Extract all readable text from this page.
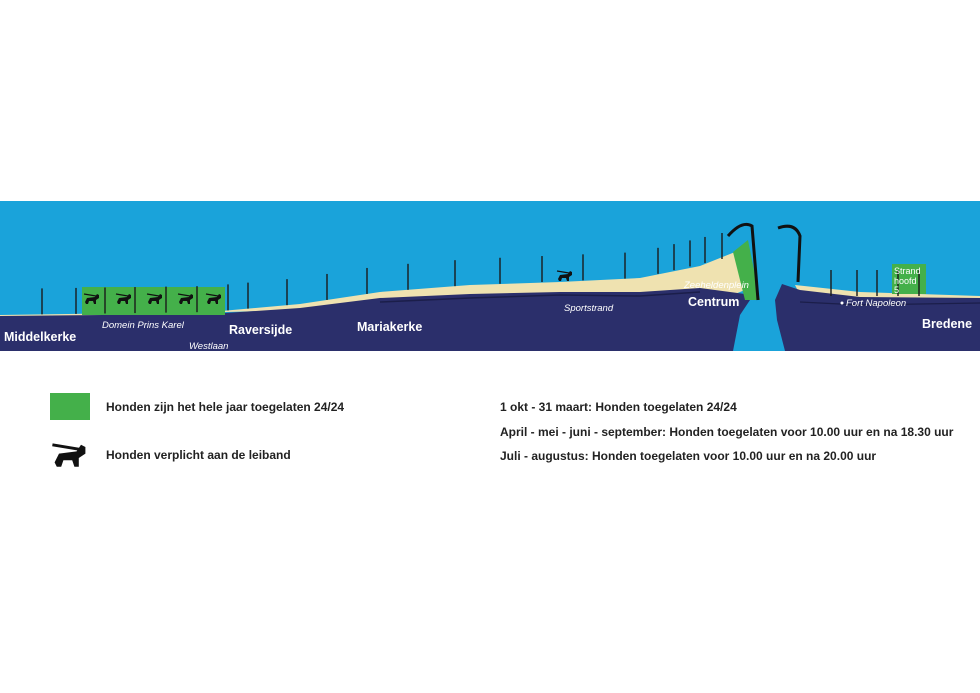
Middelkerke
Domein Prins Karel
Westlaan
Raversijde	Mariakerke
Sportstrand
Zeeheldenplein
Centrum	Fort Napoleon
Bredene
Strand
hoofd
5
Honden zijn het hele jaar toegelaten 24/24
Honden verplicht aan de leiband
1 okt - 31 maart: Honden toegelaten 24/24
April - mei - juni - september: Honden toegelaten voor 10.00 uur en na 18.30 uur
Juli - augustus: Honden toegelaten voor 10.00 uur en na 20.00 uur
